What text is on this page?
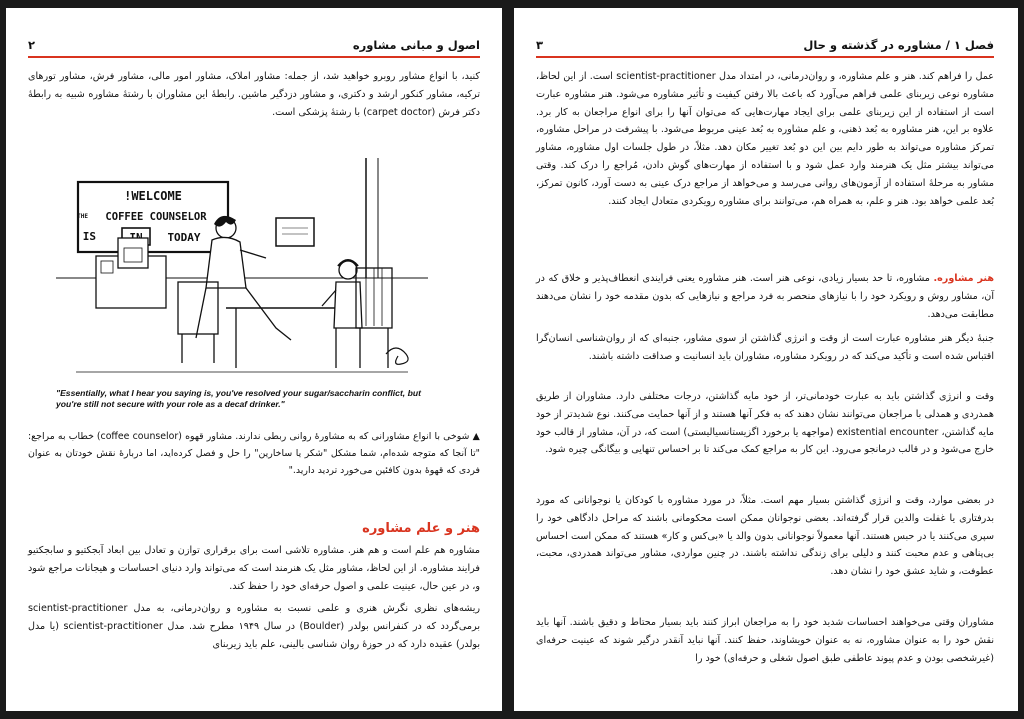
اصول و مبانی مشاوره
۲

کنید، با انواع مشاور روبرو خواهید شد، از جمله: مشاور املاک، مشاور امور مالی، مشاور فرش، مشاور تورهای ترکیه، مشاور کنکور ارشد و دکتری، و مشاور دزدگیر ماشین. رابطهٔ این مشاوران با رشتهٔ مشاوره شبیه به رابطهٔ دکتر فرش (carpet doctor) با رشتهٔ پزشکی است.

WELCOME!
THE COFFEE COUNSELOR
IS	TODAY
"Essentially, what I hear you saying is, you've resolved your sugar/saccharin conflict, but you're still not secure with your role as a decaf drinker."

▲ شوخی با انواع مشاورانی که به مشاورهٔ روانی ربطی ندارند. مشاور قهوه (coffee counselor) خطاب به مراجع: "تا آنجا که متوجه شده‌ام، شما مشکل "شکر یا ساخارین" را حل و فصل کرده‌اید، اما دربارهٔ نقش خودتان به عنوان فردی که قهوهٔ بدون کافئین می‌خورد تردید دارید."

هنر و علم مشاوره

مشاوره هم علم است و هم هنر. مشاوره تلاشی است برای برقراری توازن و تعادل بین ابعاد آبجکتیو و سابجکتیو فرایند مشاوره. از این لحاظ، مشاور مثل یک هنرمند است که می‌تواند وارد دنیای احساسات و هیجانات مراجع شود و، در عین حال، عینیت علمی و اصول حرفه‌ای خود را حفظ کند.

ریشه‌های نظری نگرش هنری و علمی نسبت به مشاوره و روان‌درمانی، به مدل scientist-practitioner برمی‌گردد که در کنفرانس بولدر (Boulder) در سال ۱۹۴۹ مطرح شد. مدل scientist-practitioner (یا مدل بولدر) عقیده دارد که در حوزهٔ روان شناسی بالینی، علم باید زیربنای

فصل ۱ / مشاوره در گذشته و حال
۳

عمل را فراهم کند. هنر و علم مشاوره، و روان‌درمانی، در امتداد مدل scientist-practitioner است. از این لحاظ، مشاوره نوعی زیربنای علمی فراهم می‌آورد که باعث بالا رفتن کیفیت و تأثیر مشاوره می‌شود. هنر مشاوره عبارت است از استفاده از این زیربنای علمی برای ایجاد مهارت‌هایی که می‌توان آنها را برای انواع مراجعان به کار برد. علاوه بر این، هنر مشاوره به بُعد ذهنی، و علم مشاوره به بُعد عینی مربوط می‌شود. با پیشرفت در مراحل مشاوره، تمرکز مشاوره می‌تواند به طور دایم بین این دو بُعد تغییر مکان دهد. مثلاً، در طول جلسات اول مشاوره، مشاور می‌تواند بیشتر مثل یک هنرمند وارد عمل شود و با استفاده از مهارت‌های گوش دادن، مُراجع را درک کند. وقتی مشاور به مرحلهٔ استفاده از آزمون‌های روانی می‌رسد و می‌خواهد از مراجع درک عینی به دست آورد، کانون تمرکز، بُعد علمی خواهد بود. هنر و علم، به همراه هم، می‌توانند برای مشاوره رویکردی متعادل ایجاد کنند.

هنر مشاوره. مشاوره، تا حد بسیار زیادی، نوعی هنر است. هنر مشاوره یعنی فرایندی انعطاف‌پذیر و خلاق که در آن، مشاور روش و رویکرد خود را با نیازهای منحصر به فرد مراجع و نیازهایی که بدون مقدمه خود را نشان می‌دهند مطابقت می‌دهد.

جنبهٔ دیگر هنر مشاوره عبارت است از وقت و انرژی گذاشتن از سوی مشاور، جنبه‌ای که از روان‌شناسی انسان‌گرا اقتباس شده است و تأکید می‌کند که در رویکرد مشاوره، مشاوران باید انسانیت و صداقت داشته باشند.

وقت و انرژی گذاشتن باید به عبارت خودمانی‌تر، از خود مایه گذاشتن، درجات مختلفی دارد. مشاوران از طریق همدردی و همدلی با مراجعان می‌توانند نشان دهند که به فکر آنها هستند و از آنها حمایت می‌کنند. نوع شدیدتر از خود مایه گذاشتن، existential encounter (مواجهه یا برخورد اگزیستانسیالیستی) است که، در آن، مشاور از قالب خود خارج می‌شود و در قالب درمانجو می‌رود. این کار به مراجع کمک می‌کند تا بر احساس تنهایی و بیگانگی چیره شود.

در بعضی موارد، وقت و انرژی گذاشتن بسیار مهم است. مثلاً، در مورد مشاوره با کودکان یا نوجوانانی که مورد بدرفتاری یا غفلت والدین قرار گرفته‌اند. بعضی نوجوانان ممکن است محکومانی باشند که مراحل دادگاهی خود را سپری می‌کنند یا در حبس هستند. آنها معمولاً نوجوانانی بدون والد یا «بی‌کس و کار» هستند که ممکن است احساس بی‌پناهی و عدم محبت کنند و دلیلی برای زندگی نداشته باشند. در چنین مواردی، مشاور می‌تواند همدردی، محبت، عطوفت، و شاید عشق خود را نشان دهد.

مشاوران وقتی می‌خواهند احساسات شدید خود را به مراجعان ابراز کنند باید بسیار محتاط و دقیق باشند. آنها باید نقش خود را به عنوان مشاوره، نه به عنوان خویشاوند، حفظ کنند. آنها نباید آنقدر درگیر شوند که عینیت حرفه‌ای (غیرشخصی بودن و عدم پیوند عاطفی طبق اصول شغلی و حرفه‌ای) خود را
